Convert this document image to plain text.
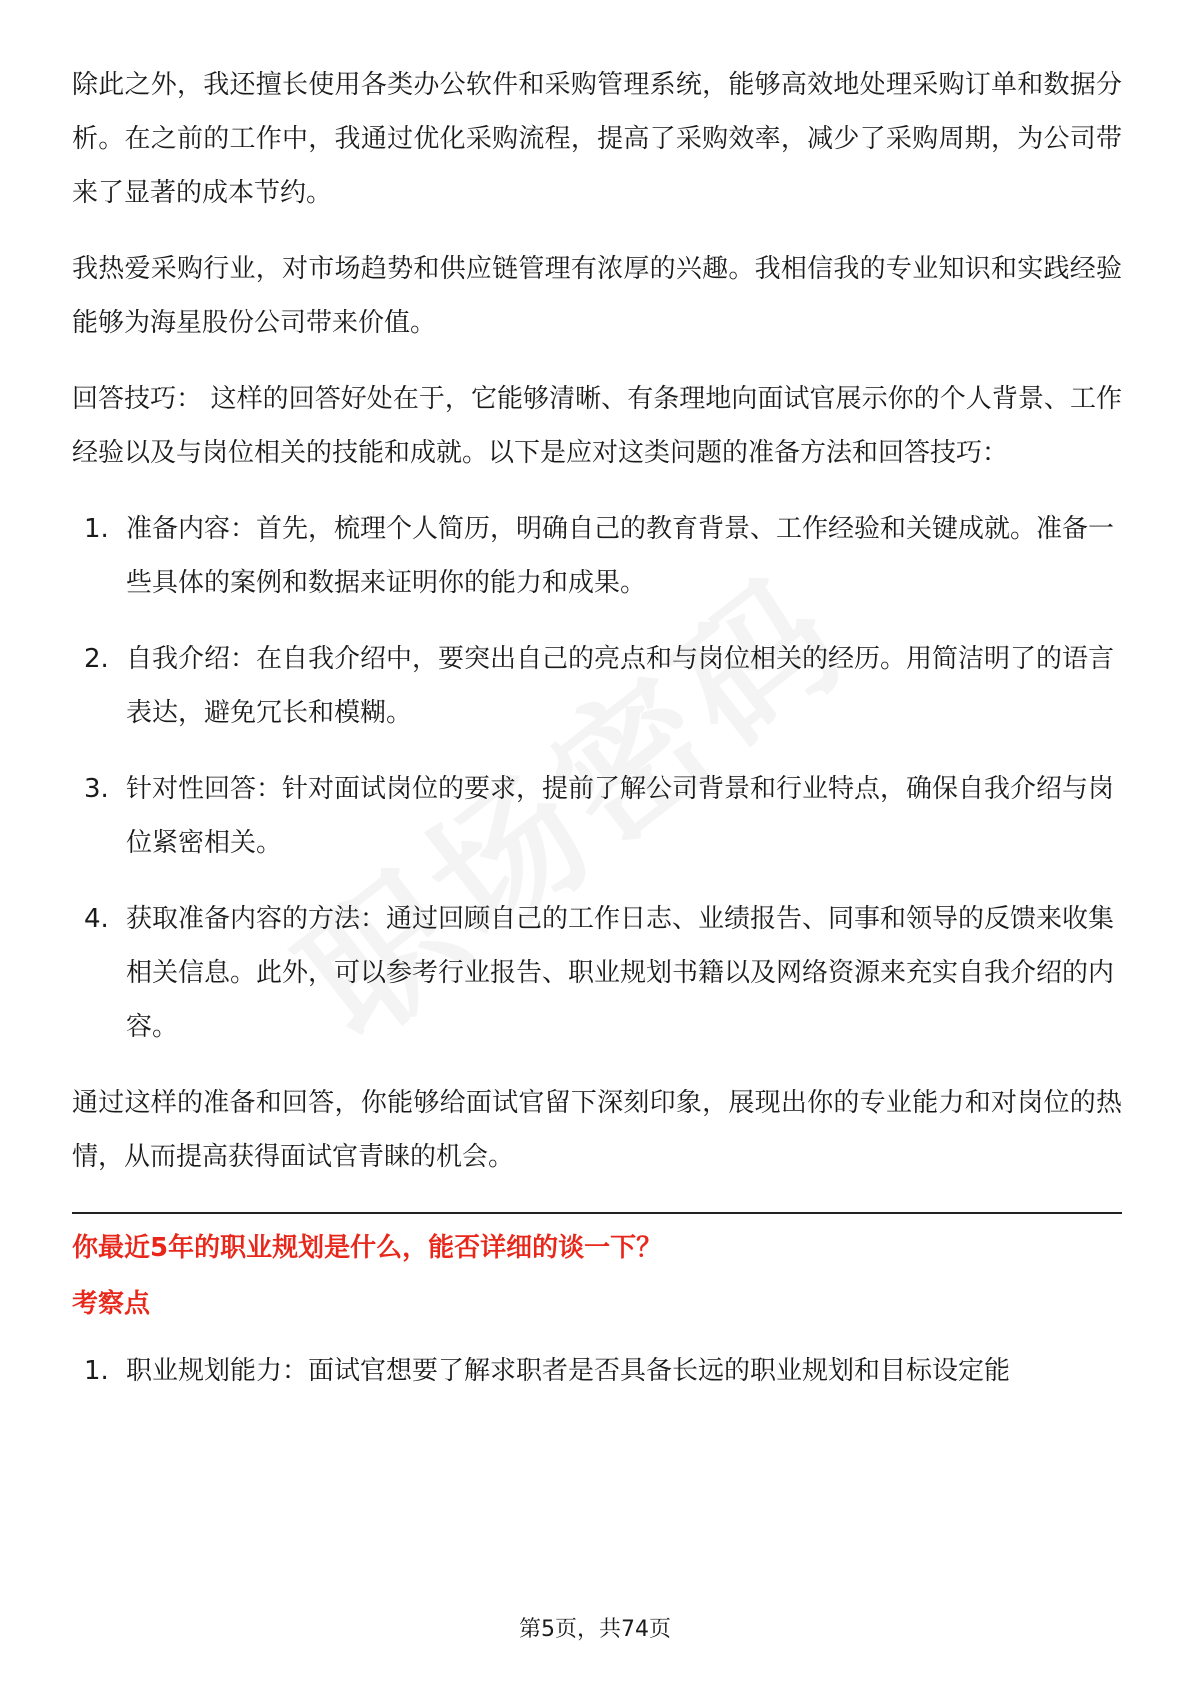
除此之外，我还擅长使用各类办公软件和采购管理系统，能够高效地处理采购订单和数据分析。在之前的工作中，我通过优化采购流程，提高了采购效率，减少了采购周期，为公司带来了显著的成本节约。

我热爱采购行业，对市场趋势和供应链管理有浓厚的兴趣。我相信我的专业知识和实践经验能够为海星股份公司带来价值。

回答技巧： 这样的回答好处在于，它能够清晰、有条理地向面试官展示你的个人背景、工作经验以及与岗位相关的技能和成就。以下是应对这类问题的准备方法和回答技巧：

1. 准备内容：首先，梳理个人简历，明确自己的教育背景、工作经验和关键成就。准备一些具体的案例和数据来证明你的能力和成果。
2. 自我介绍：在自我介绍中，要突出自己的亮点和与岗位相关的经历。用简洁明了的语言表达，避免冗长和模糊。
3. 针对性回答：针对面试岗位的要求，提前了解公司背景和行业特点，确保自我介绍与岗位紧密相关。
4. 获取准备内容的方法：通过回顾自己的工作日志、业绩报告、同事和领导的反馈来收集相关信息。此外，可以参考行业报告、职业规划书籍以及网络资源来充实自我介绍的内容。

通过这样的准备和回答，你能够给面试官留下深刻印象，展现出你的专业能力和对岗位的热情，从而提高获得面试官青睐的机会。

你最近5年的职业规划是什么，能否详细的谈一下？

考察点

1. 职业规划能力：面试官想要了解求职者是否具备长远的职业规划和目标设定能
第5页，共74页
